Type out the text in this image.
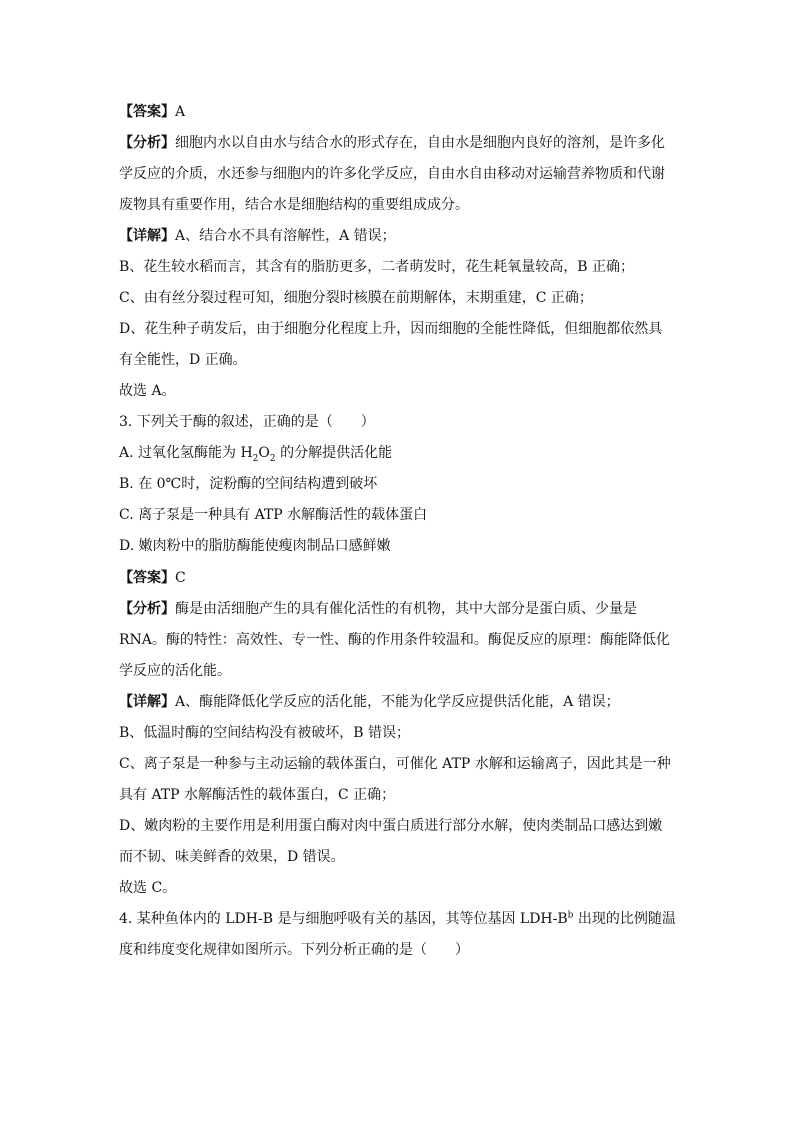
【答案】A
【分析】细胞内水以自由水与结合水的形式存在，自由水是细胞内良好的溶剂，是许多化
学反应的介质，水还参与细胞内的许多化学反应，自由水自由移动对运输营养物质和代谢
废物具有重要作用，结合水是细胞结构的重要组成成分。
【详解】A、结合水不具有溶解性，A 错误；
B、花生较水稻而言，其含有的脂肪更多，二者萌发时，花生耗氧量较高，B 正确；
C、由有丝分裂过程可知，细胞分裂时核膜在前期解体，末期重建，C 正确；
D、花生种子萌发后，由于细胞分化程度上升，因而细胞的全能性降低，但细胞都依然具
有全能性，D 正确。
故选 A。
3. 下列关于酶的叙述，正确的是（　　）
A. 过氧化氢酶能为 $H_2O_2$ 的分解提供活化能
B. 在 0℃时，淀粉酶的空间结构遭到破坏
C. 离子泵是一种具有 ATP 水解酶活性的载体蛋白
D. 嫩肉粉中的脂肪酶能使瘦肉制品口感鲜嫩
【答案】C
【分析】酶是由活细胞产生的具有催化活性的有机物，其中大部分是蛋白质、少量是
RNA。酶的特性：高效性、专一性、酶的作用条件较温和。酶促反应的原理：酶能降低化
学反应的活化能。
【详解】A、酶能降低化学反应的活化能，不能为化学反应提供活化能，A 错误；
B、低温时酶的空间结构没有被破坏，B 错误；
C、离子泵是一种参与主动运输的载体蛋白，可催化 ATP 水解和运输离子，因此其是一种
具有 ATP 水解酶活性的载体蛋白，C 正确；
D、嫩肉粉的主要作用是利用蛋白酶对肉中蛋白质进行部分水解，使肉类制品口感达到嫩
而不韧、味美鲜香的效果，D 错误。
故选 C。
4. 某种鱼体内的 LDH-B 是与细胞呼吸有关的基因，其等位基因 LDH-$B^b$ 出现的比例随温
度和纬度变化规律如图所示。下列分析正确的是（　　）
